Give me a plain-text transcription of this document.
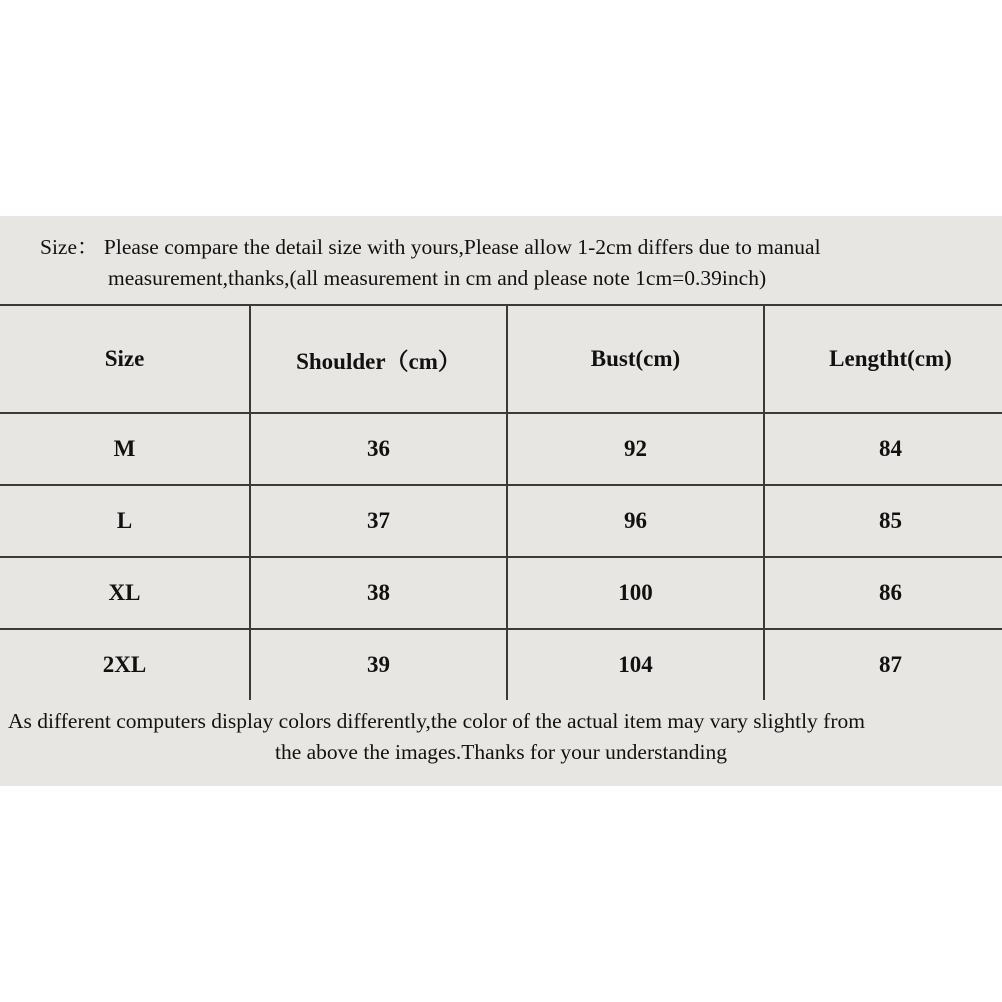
Size： Please compare the detail size with yours,Please allow 1-2cm differs due to manual
measurement,thanks,(all measurement in cm and please note 1cm=0.39inch)
Size	Shoulder（cm）	Bust(cm)	Lengtht(cm)
M	36	92	84
L	37	96	85
XL	38	100	86
2XL	39	104	87
As different computers display colors differently,the color of the actual item may vary slightly from
the above the images.Thanks for your understanding
